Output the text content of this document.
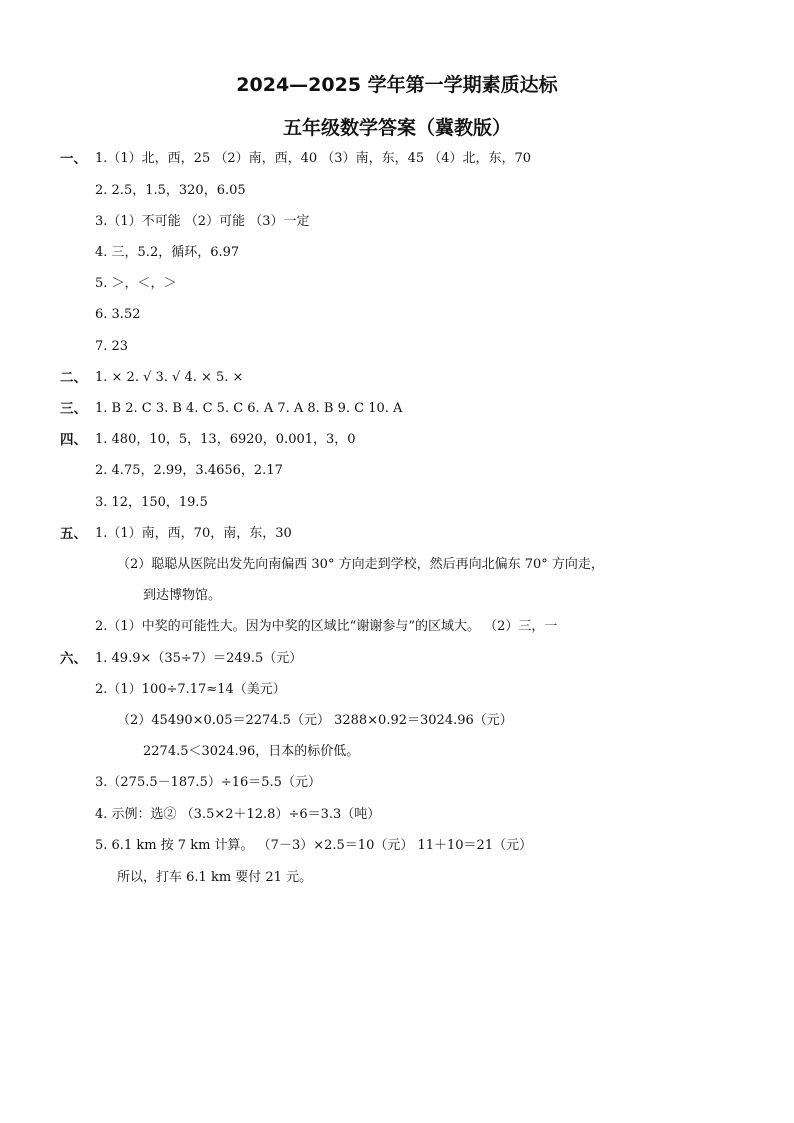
2024—2025 学年第一学期素质达标
五年级数学答案（冀教版）
一、 1.（1）北，西，25 （2）南，西，40 （3）南，东，45 （4）北，东，70
2. 2.5，1.5，320，6.05
3.（1）不可能 （2）可能 （3）一定
4. 三，5.2，循环，6.97
5. ＞，＜，＞
6. 3.52
7. 23
二、 1. × 2. √ 3. √ 4. × 5. ×
三、 1. B 2. C 3. B 4. C 5. C 6. A 7. A 8. B 9. C 10. A
四、 1. 480，10，5，13，6920，0.001，3，0
2. 4.75，2.99，3.4656，2.17
3. 12，150，19.5
五、 1.（1）南，西，70，南，东，30
（2）聪聪从医院出发先向南偏西 30° 方向走到学校，然后再向北偏东 70° 方向走，
到达博物馆。
2.（1）中奖的可能性大。因为中奖的区域比“谢谢参与”的区域大。 （2）三，一
六、 1. 49.9×（35÷7）＝249.5（元）
2.（1）100÷7.17≈14（美元）
（2）45490×0.05＝2274.5（元） 3288×0.92＝3024.96（元）
2274.5＜3024.96，日本的标价低。
3.（275.5－187.5）÷16＝5.5（元）
4. 示例：选② （3.5×2＋12.8）÷6＝3.3（吨）
5. 6.1 km 按 7 km 计算。 （7－3）×2.5＝10（元） 11＋10＝21（元）
所以，打车 6.1 km 要付 21 元。
